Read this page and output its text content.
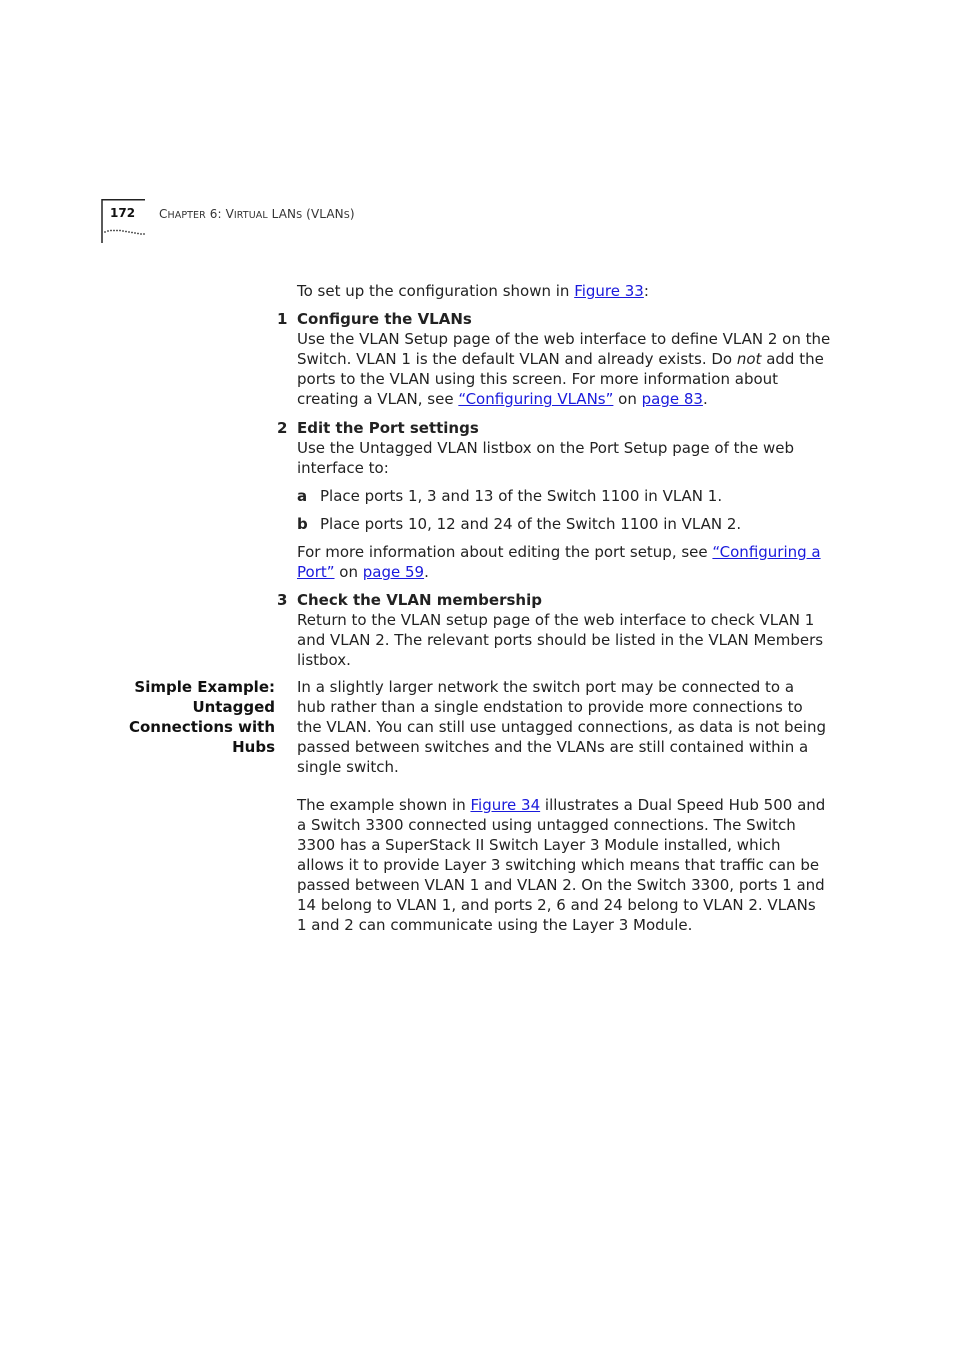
172 CHAPTER 6: VIRTUAL LANS (VLANS)
To set up the configuration shown in Figure 33:
1 Configure the VLANs

Use the VLAN Setup page of the web interface to define VLAN 2 on the Switch. VLAN 1 is the default VLAN and already exists. Do not add the ports to the VLAN using this screen. For more information about creating a VLAN, see “Configuring VLANs” on page 83.

2 Edit the Port settings

Use the Untagged VLAN listbox on the Port Setup page of the web interface to:

a Place ports 1, 3 and 13 of the Switch 1100 in VLAN 1.
b Place ports 10, 12 and 24 of the Switch 1100 in VLAN 2.
For more information about editing the port setup, see “Configuring a Port” on page 59.
3 Check the VLAN membership

Return to the VLAN setup page of the web interface to check VLAN 1 and VLAN 2. The relevant ports should be listed in the VLAN Members listbox.

Simple Example:
Untagged
Connections with
Hubs
In a slightly larger network the switch port may be connected to a hub rather than a single endstation to provide more connections to the VLAN. You can still use untagged connections, as data is not being passed between switches and the VLANs are still contained within a single switch.
The example shown in Figure 34 illustrates a Dual Speed Hub 500 and a Switch 3300 connected using untagged connections. The Switch 3300 has a SuperStack II Switch Layer 3 Module installed, which allows it to provide Layer 3 switching which means that traffic can be passed between VLAN 1 and VLAN 2. On the Switch 3300, ports 1 and 14 belong to VLAN 1, and ports 2, 6 and 24 belong to VLAN 2. VLANs 1 and 2 can communicate using the Layer 3 Module.
